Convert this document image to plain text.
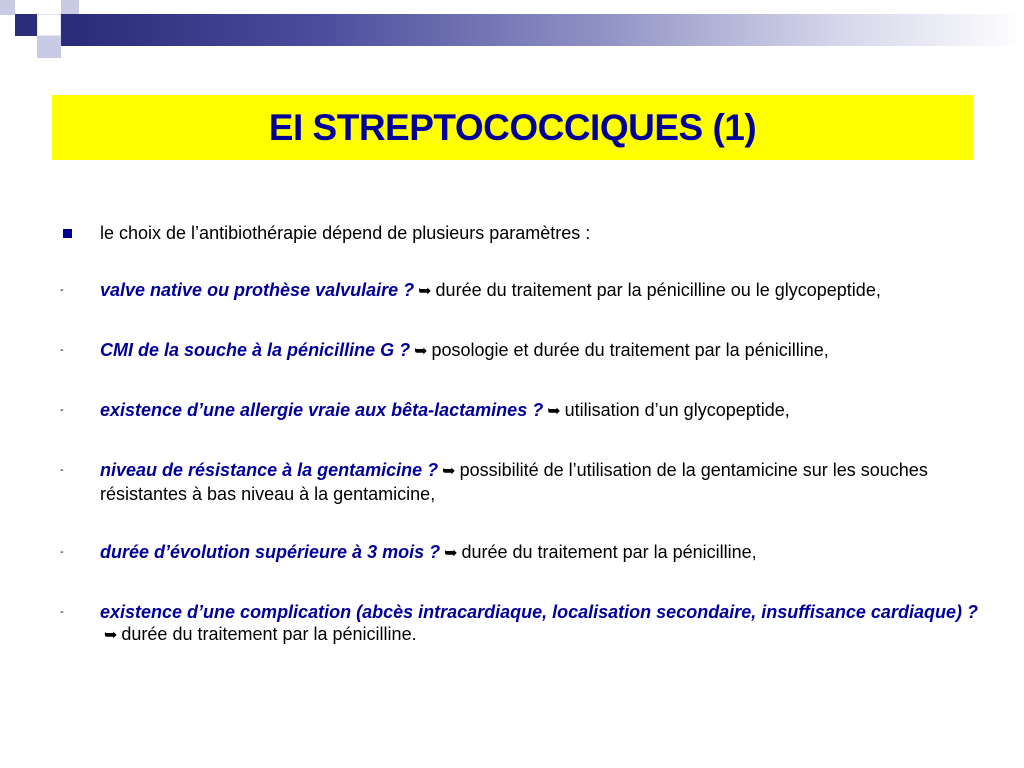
EI STREPTOCOCCIQUES (1)
le choix de l’antibiothérapie dépend de plusieurs paramètres :
-	valve native ou prothèse valvulaire ? ➥ durée du traitement par la pénicilline ou le glycopeptide,
-	CMI de la souche à la pénicilline G ? ➥ posologie et durée du traitement par la pénicilline,
-	existence d’une allergie vraie aux bêta-lactamines ? ➥ utilisation d’un glycopeptide,
-	niveau de résistance à la gentamicine ? ➥ possibilité de l’utilisation de la gentamicine sur les souches résistantes à bas niveau à la gentamicine,
-	durée d’évolution supérieure à 3 mois ? ➥ durée du traitement par la pénicilline,
-	existence d’une complication (abcès intracardiaque, localisation secondaire, insuffisance cardiaque) ?➥ durée du traitement par la pénicilline.
